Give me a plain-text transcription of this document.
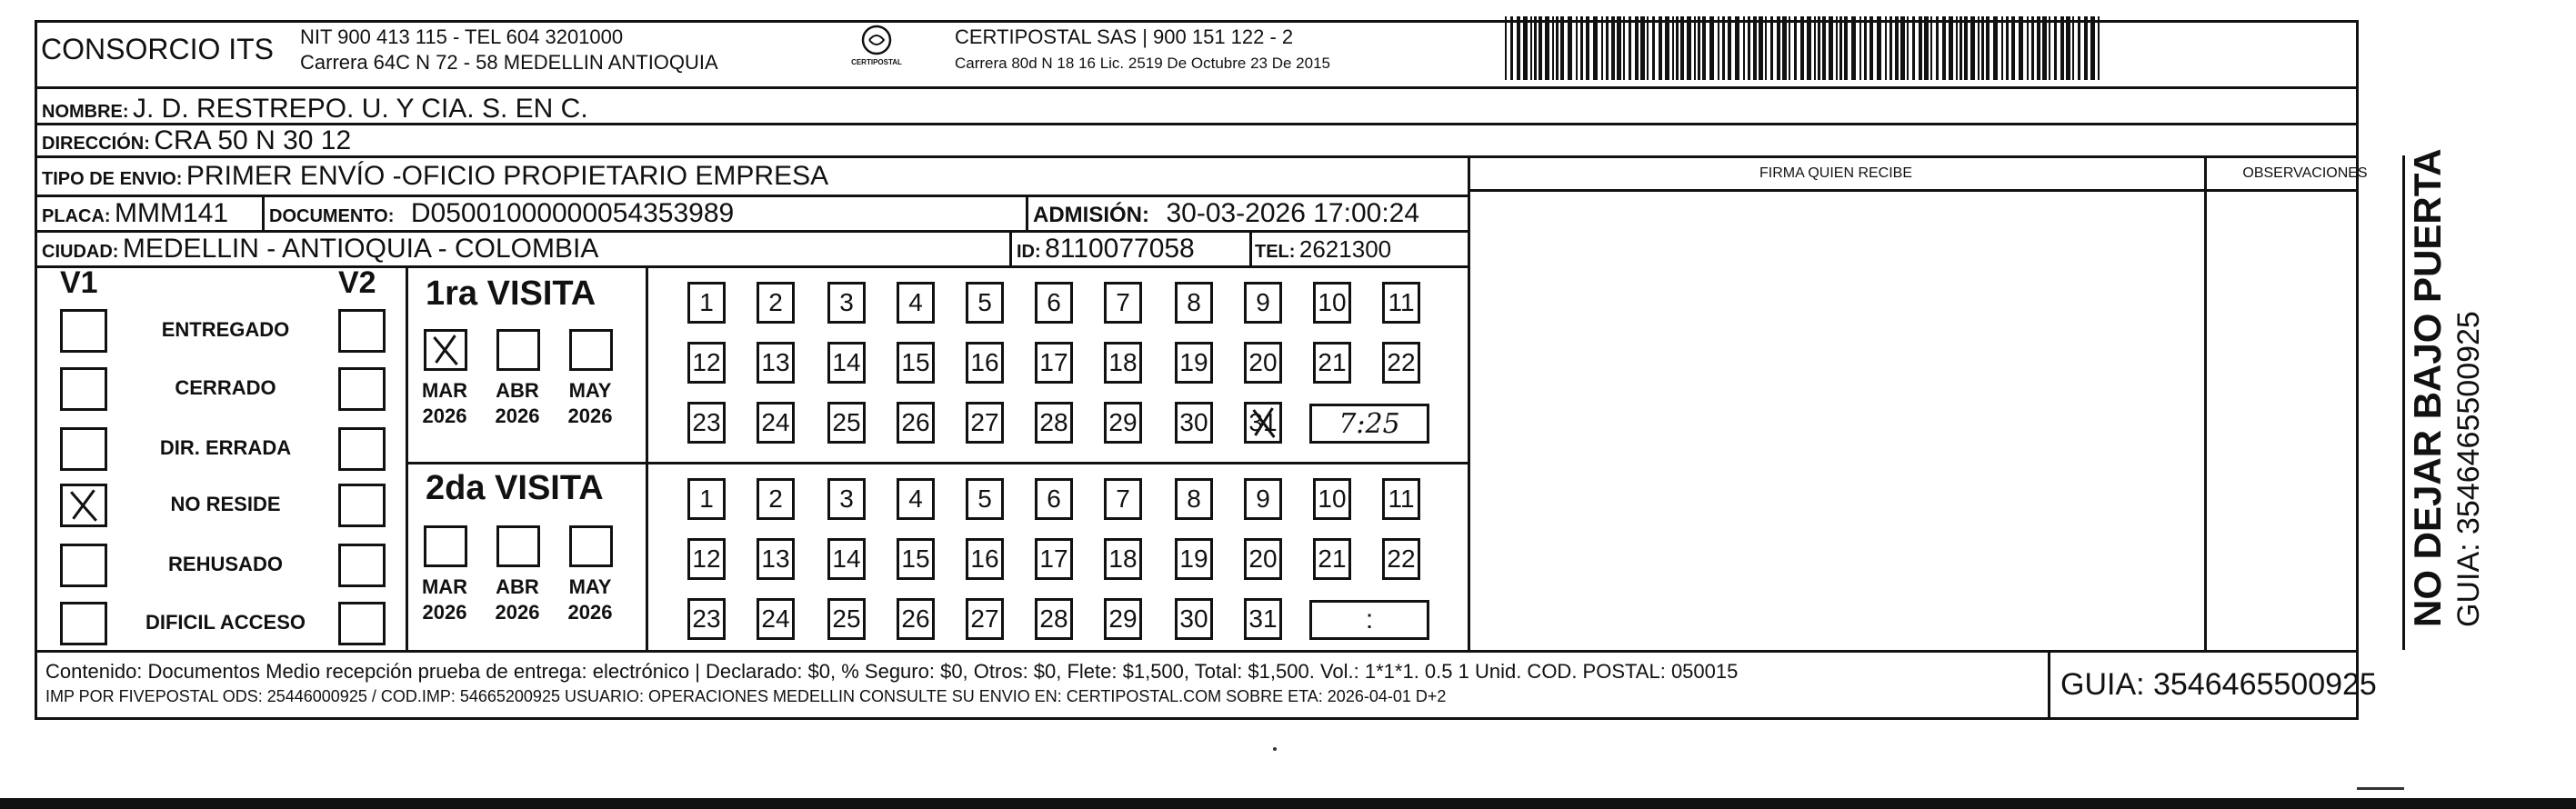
CONSORCIO ITS NIT 900 413 115 - TEL 604 3201000
Carrera 64C N 72 - 58 MEDELLIN ANTIOQUIA	CERTIPOSTAL
CERTIPOSTAL SAS | 900 151 122 - 2
Carrera 80d N 18 16 Lic. 2519 De Octubre 23 De 2015
NOMBRE: J. D. RESTREPO. U. Y CIA. S. EN C.
DIRECCIÓN: CRA 50 N 30 12
TIPO DE ENVIO: PRIMER ENVÍO -OFICIO PROPIETARIO EMPRESA
PLACA: MMM141 DOCUMENTO: D05001000000054353989	ADMISIÓN: 30-03-2026 17:00:24
CIUDAD: MEDELLIN - ANTIOQUIA - COLOMBIA	ID: 8110077058	TEL: 2621300
FIRMA QUIEN RECIBE	OBSERVACIONES
V1	V2
ENTREGADO
CERRADO
DIR. ERRADA
NO RESIDE
REHUSADO
DIFICIL ACCESO
1ra VISITA
2da VISITA
MAR
2026
ABR
2026
MAY
2026
1	2	3	4	5	6	7	8	9	10 11
12 13 14 15 16 17 18 19 20 21 22
23 24 25 26 27 28 29 30 31	7:25
MAR
2026
ABR
2026
MAY
2026
1	2	3	4	5	6	7	8	9	10 11
12 13 14 15 16 17 18 19 20 21 22
23 24 25 26 27 28 29 30 31	:
Contenido: Documentos Medio recepción prueba de entrega: electrónico | Declarado: $0, % Seguro: $0, Otros: $0, Flete: $1,500, Total: $1,500. Vol.: 1*1*1. 0.5 1 Unid. COD. POSTAL: 050015
IMP POR FIVEPOSTAL ODS: 25446000925 / COD.IMP: 54665200925 USUARIO: OPERACIONES MEDELLIN CONSULTE SU ENVIO EN: CERTIPOSTAL.COM SOBRE ETA: 2026-04-01 D+2	GUIA: 3546465500925
NO DEJAR BAJO PUERTA GUIA: 3546465500925
